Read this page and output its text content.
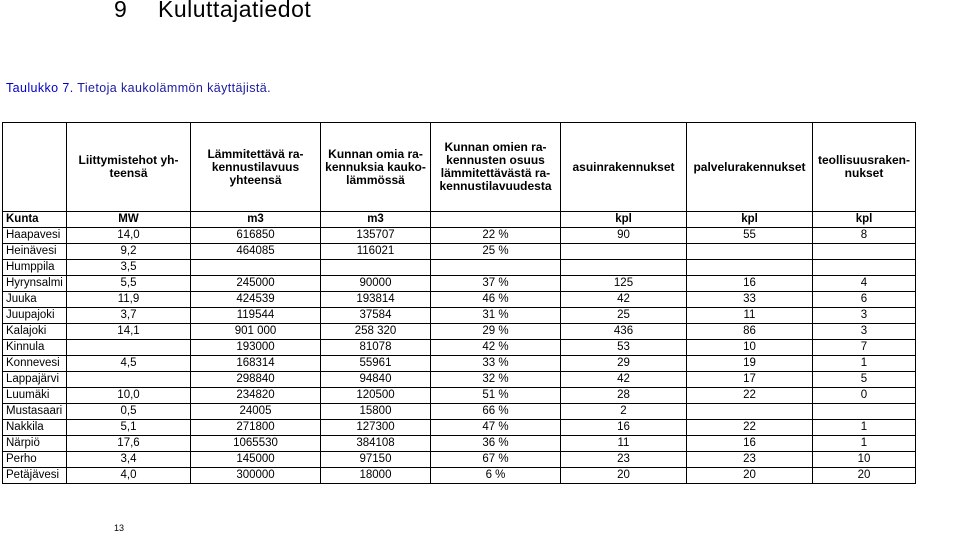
9 Kuluttajatiedot

Taulukko 7. Tietoja kaukolämmön käyttäjistä.

	Liittymistehot yh-teensä	Lämmitettävä ra-kennustilavuus yhteensä	Kunnan omia ra-kennuksia kauko-lämmössä	Kunnan omien ra-kennusten osuus lämmitettävästä ra-kennustilavuudesta	asuinrakennukset	palvelurakennukset	teollisuusraken-nukset
Kunta	MW	m3	m3		kpl	kpl	kpl
Haapavesi	14,0	616850	135707	22 %	90	55	8
Heinävesi	9,2	464085	116021	25 %			
Humppila	3,5						
Hyrynsalmi	5,5	245000	90000	37 %	125	16	4
Juuka	11,9	424539	193814	46 %	42	33	6
Juupajoki	3,7	119544	37584	31 %	25	11	3
Kalajoki	14,1	901 000	258 320	29 %	436	86	3
Kinnula		193000	81078	42 %	53	10	7
Konnevesi	4,5	168314	55961	33 %	29	19	1
Lappajärvi		298840	94840	32 %	42	17	5
Luumäki	10,0	234820	120500	51 %	28	22	0
Mustasaari	0,5	24005	15800	66 %	2		
Nakkila	5,1	271800	127300	47 %	16	22	1
Närpiö	17,6	1065530	384108	36 %	11	16	1
Perho	3,4	145000	97150	67 %	23	23	10
Petäjävesi	4,0	300000	18000	6 %	20	20	20
13
